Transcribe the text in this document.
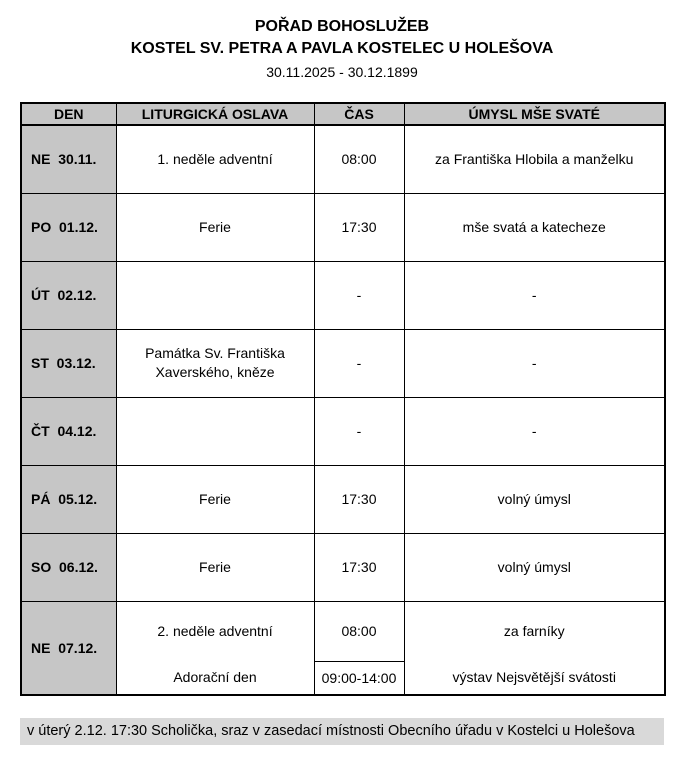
POŘAD BOHOSLUŽEB
KOSTEL SV. PETRA A PAVLA KOSTELEC U HOLEŠOVA
30.11.2025 - 30.12.1899
DEN	LITURGICKÁ OSLAVA	ČAS	ÚMYSL MŠE SVATÉ
NE  30.11.	1. neděle adventní	08:00	za Františka Hlobila a manželku
PO  01.12.	Ferie	17:30	mše svatá a katecheze
ÚT  02.12.		-	-
ST  03.12.	Památka Sv. Františka Xaverského, kněze	-	-
ČT  04.12.		-	-
PÁ  05.12.	Ferie	17:30	volný úmysl
SO  06.12.	Ferie	17:30	volný úmysl
NE  07.12.	2. neděle adventní	08:00	za farníky
	Adorační den	09:00-14:00	výstav Nejsvětější svátosti
v úterý 2.12. 17:30 Scholička, sraz v zasedací místnosti Obecního úřadu v Kostelci u Holešova
